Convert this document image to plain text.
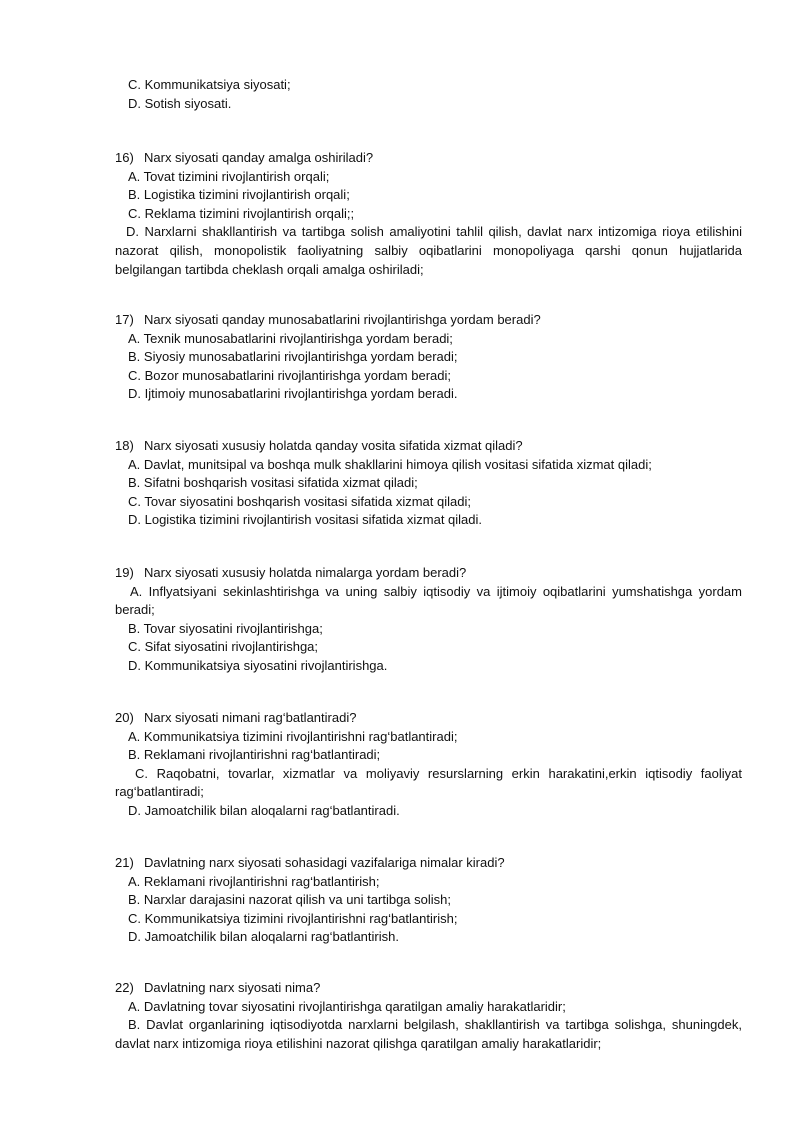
C. Kommunikatsiya siyosati;
D. Sotish siyosati.
16) Narx siyosati qanday amalga oshiriladi?
A. Tovat tizimini rivojlantirish orqali;
B. Logistika tizimini rivojlantirish orqali;
C. Reklama tizimini rivojlantirish orqali;;
D. Narxlarni shakllantirish va tartibga solish amaliyotini tahlil qilish, davlat narx intizomiga rioya etilishini
nazorat qilish, monopolistik faoliyatning salbiy oqibatlarini monopoliyaga qarshi qonun hujjatlarida
belgilangan tartibda cheklash orqali amalga oshiriladi;
17) Narx siyosati qanday munosabatlarini rivojlantirishga yordam beradi?
A. Texnik munosabatlarini rivojlantirishga yordam beradi;
B. Siyosiy munosabatlarini rivojlantirishga yordam beradi;
C. Bozor munosabatlarini rivojlantirishga yordam beradi;
D. Ijtimoiy munosabatlarini rivojlantirishga yordam beradi.
18) Narx siyosati xususiy holatda qanday vosita sifatida xizmat qiladi?
A. Davlat, munitsipal va boshqa mulk shakllarini himoya qilish vositasi sifatida xizmat qiladi;
B. Sifatni boshqarish vositasi sifatida xizmat qiladi;
C. Tovar siyosatini boshqarish vositasi sifatida xizmat qiladi;
D. Logistika tizimini rivojlantirish vositasi sifatida xizmat qiladi.
19) Narx siyosati xususiy holatda nimalarga yordam beradi?
A. Inflyatsiyani sekinlashtirishga va uning salbiy iqtisodiy va ijtimoiy oqibatlarini yumshatishga yordam
beradi;
B. Tovar siyosatini rivojlantirishga;
C. Sifat siyosatini rivojlantirishga;
D. Kommunikatsiya siyosatini rivojlantirishga.
20) Narx siyosati nimani rag‘batlantiradi?
A. Kommunikatsiya tizimini rivojlantirishni rag‘batlantiradi;
B. Reklamani rivojlantirishni rag‘batlantiradi;
C. Raqobatni, tovarlar, xizmatlar va moliyaviy resurslarning erkin harakatini,erkin iqtisodiy faoliyat
rag‘batlantiradi;
D. Jamoatchilik bilan aloqalarni rag‘batlantiradi.
21) Davlatning narx siyosati sohasidagi vazifalariga nimalar kiradi?
A. Reklamani rivojlantirishni rag‘batlantirish;
B. Narxlar darajasini nazorat qilish va uni tartibga solish;
C. Kommunikatsiya tizimini rivojlantirishni rag‘batlantirish;
D. Jamoatchilik bilan aloqalarni rag‘batlantirish.
22) Davlatning narx siyosati nima?
A. Davlatning tovar siyosatini rivojlantirishga qaratilgan amaliy harakatlaridir;
B. Davlat organlarining iqtisodiyotda narxlarni belgilash, shakllantirish va tartibga solishga, shuningdek,
davlat narx intizomiga rioya etilishini nazorat qilishga qaratilgan amaliy harakatlaridir;
